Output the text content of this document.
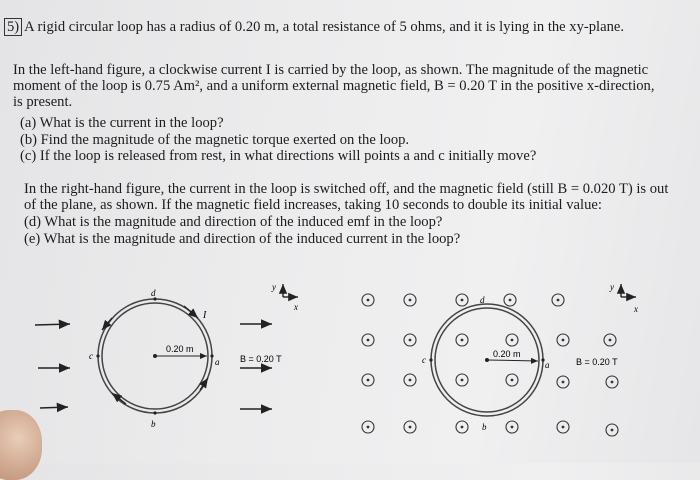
5) A rigid circular loop has a radius of 0.20 m, a total resistance of 5 ohms, and it is lying in the xy-plane.
In the left-hand figure, a clockwise current I is carried by the loop, as shown. The magnitude of the magnetic
moment of the loop is 0.75 Am², and a uniform external magnetic field, B = 0.20 T in the positive x-direction,
is present.
(a) What is the current in the loop?
(b) Find the magnitude of the magnetic torque exerted on the loop.
(c) If the loop is released from rest, in what directions will points a and c initially move?
In the right-hand figure, the current in the loop is switched off, and the magnetic field (still B = 0.020 T) is out
of the plane, as shown. If the magnetic field increases, taking 10 seconds to double its initial value:
(d) What is the magnitude and direction of the induced emf in the loop?
(e) What is the magnitude and direction of the induced current in the loop?
0.20 m
d
b
c
a
I
B = 0.20 T
y
x
0.20 m
d
b
c	a	B = 0.20 T
y
x
